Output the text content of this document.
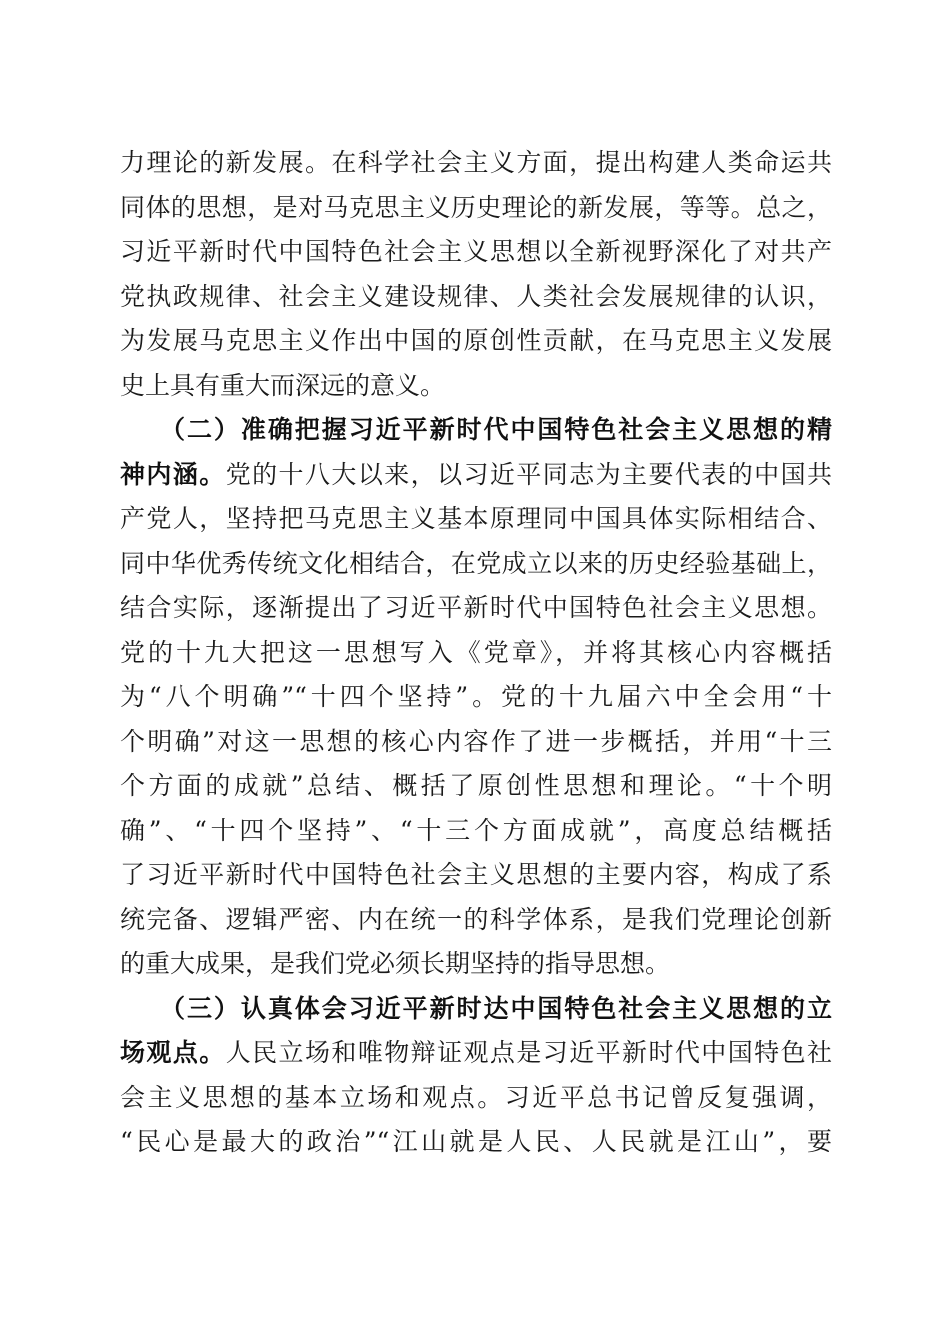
力理论的新发展。在科学社会主义方面，提出构建人类命运共
同体的思想，是对马克思主义历史理论的新发展，等等。总之，
习近平新时代中国特色社会主义思想以全新视野深化了对共产
党执政规律、社会主义建设规律、人类社会发展规律的认识，
为发展马克思主义作出中国的原创性贡献，在马克思主义发展
史上具有重大而深远的意义。
（二）准确把握习近平新时代中国特色社会主义思想的精
神内涵。党的十八大以来，以习近平同志为主要代表的中国共
产党人，坚持把马克思主义基本原理同中国具体实际相结合、
同中华优秀传统文化相结合，在党成立以来的历史经验基础上，
结合实际，逐渐提出了习近平新时代中国特色社会主义思想。
党的十九大把这一思想写入《党章》，并将其核心内容概括
为“八个明确”“十四个坚持”。党的十九届六中全会用“十
个明确”对这一思想的核心内容作了进一步概括，并用“十三
个方面的成就”总结、概括了原创性思想和理论。“十个明
确”、“十四个坚持”、“十三个方面成就”，高度总结概括
了习近平新时代中国特色社会主义思想的主要内容，构成了系
统完备、逻辑严密、内在统一的科学体系，是我们党理论创新
的重大成果，是我们党必须长期坚持的指导思想。
（三）认真体会习近平新时达中国特色社会主义思想的立
场观点。人民立场和唯物辩证观点是习近平新时代中国特色社
会主义思想的基本立场和观点。习近平总书记曾反复强调，
“民心是最大的政治”“江山就是人民、人民就是江山”，要
